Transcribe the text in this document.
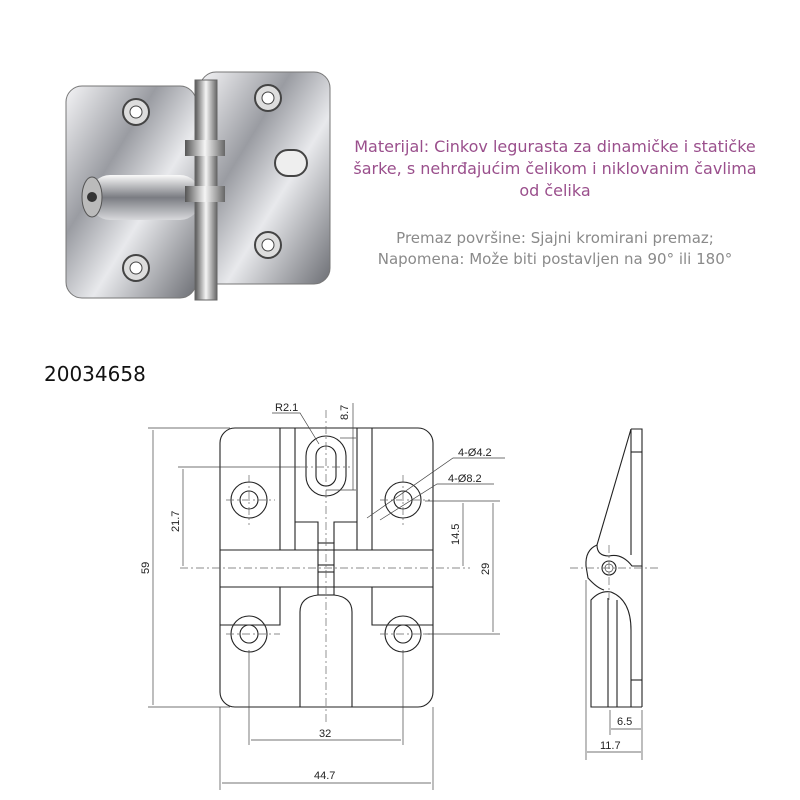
Materijal: Cinkov legurasta za dinamičke i statičke šarke, s nehrđajućim čelikom i niklovanim čavlima od čelika
Premaz površine: Sjajni kromirani premaz;
Napomena: Može biti postavljen na 90° ili 180°
20034658
R2.1	8.7
4-Ø4.2
4-Ø8.2
21.7
59
14.5
29
32
44.7
6.5
11.7
